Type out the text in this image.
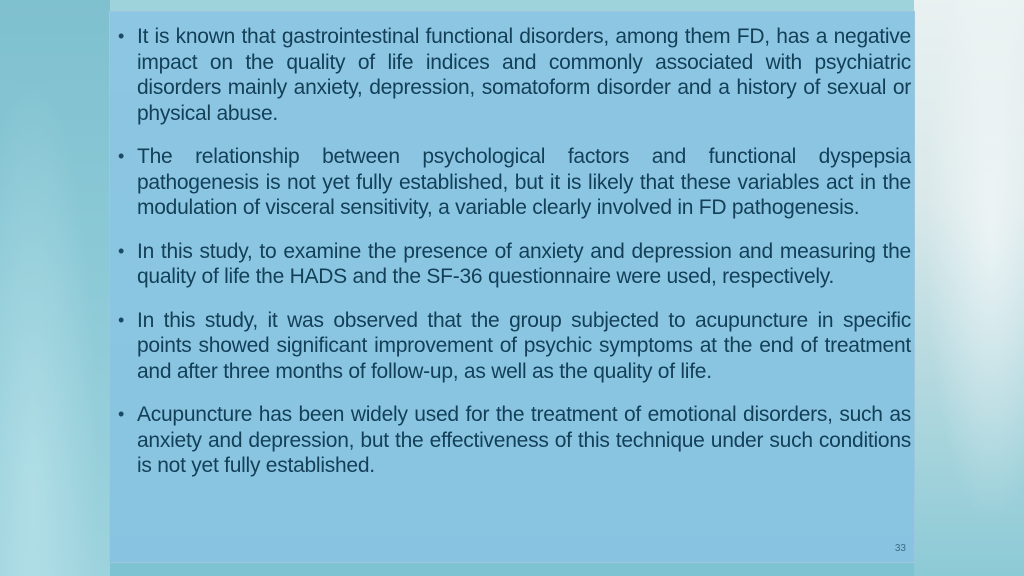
• It is known that gastrointestinal functional disorders, among them FD, has a negative impact on the quality of life indices and commonly associated with psychiatric disorders mainly anxiety, depression, somatoform disorder and a history of sexual or physical abuse.
• The relationship between psychological factors and functional dyspepsia pathogenesis is not yet fully established, but it is likely that these variables act in the modulation of visceral sensitivity, a variable clearly involved in FD pathogenesis.
• In this study, to examine the presence of anxiety and depression and measuring the quality of life the HADS and the SF-36 questionnaire were used, respectively.
• In this study, it was observed that the group subjected to acupuncture in specific points showed significant improvement of psychic symptoms at the end of treatment and after three months of follow-up, as well as the quality of life.
• Acupuncture has been widely used for the treatment of emotional disorders, such as anxiety and depression, but the effectiveness of this technique under such conditions is not yet fully established.
33
